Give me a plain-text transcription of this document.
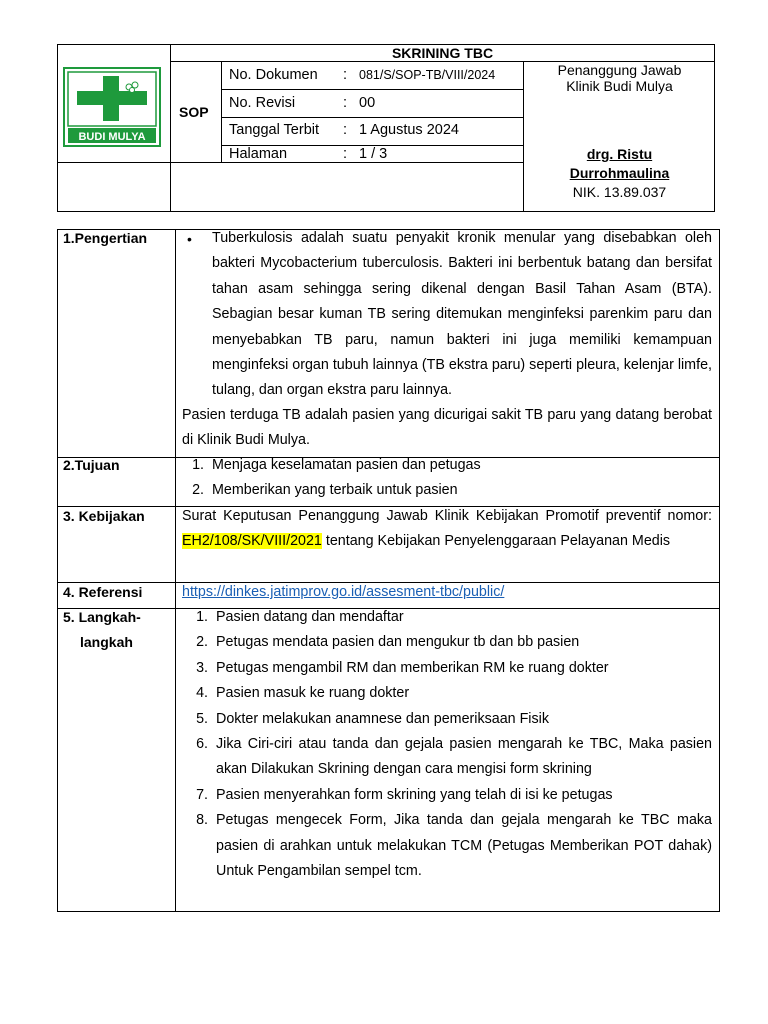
BUDI MULYA
SKRINING TBC
SOP
No. Dokumen : 081/S/SOP-TB/VIII/2024
No. Revisi	: 00
Tanggal Terbit : 1 Agustus 2024
Halaman	: 1 / 3
Penanggung Jawab
Klinik Budi Mulya
drg. Ristu
Durrohmaulina
NIK. 13.89.037
1.Pengertian	• Tuberkulosis adalah suatu penyakit kronik menular yang disebabkan oleh bakteri Mycobacterium tuberculosis. Bakteri ini berbentuk batang dan bersifat tahan asam sehingga sering dikenal dengan Basil Tahan Asam (BTA). Sebagian besar kuman TB sering ditemukan menginfeksi parenkim paru dan menyebabkan TB paru, namun bakteri ini juga memiliki kemampuan menginfeksi organ tubuh lainnya (TB ekstra paru) seperti pleura, kelenjar limfe, tulang, dan organ ekstra paru lainnya.
Pasien terduga TB adalah pasien yang dicurigai sakit TB paru yang datang berobat di Klinik Budi Mulya.
2.Tujuan
1.	Menjaga keselamatan pasien dan petugas
2. Memberikan yang terbaik untuk pasien
3. Kebijakan	Surat Keputusan Penanggung Jawab Klinik Kebijakan Promotif preventif nomor: EH2/108/SK/VIII/2021 tentang Kebijakan Penyelenggaraan Pelayanan Medis
4. Referensi	https://dinkes.jatimprov.go.id/assesment-tbc/public/
5. Langkah-
langkah
1. Pasien datang dan mendaftar
2. Petugas mendata pasien dan mengukur tb dan bb pasien
3. Petugas mengambil RM dan memberikan RM ke ruang dokter
4. Pasien masuk ke ruang dokter
5. Dokter melakukan anamnese dan pemeriksaan Fisik
6. Jika Ciri-ciri atau tanda dan gejala pasien mengarah ke TBC, Maka pasien akan Dilakukan Skrining dengan cara mengisi form skrining
7. Pasien menyerahkan form skrining yang telah di isi ke petugas
8. Petugas mengecek Form, Jika tanda dan gejala mengarah ke TBC maka pasien di arahkan untuk melakukan TCM (Petugas Memberikan POT dahak) Untuk Pengambilan sempel tcm.
